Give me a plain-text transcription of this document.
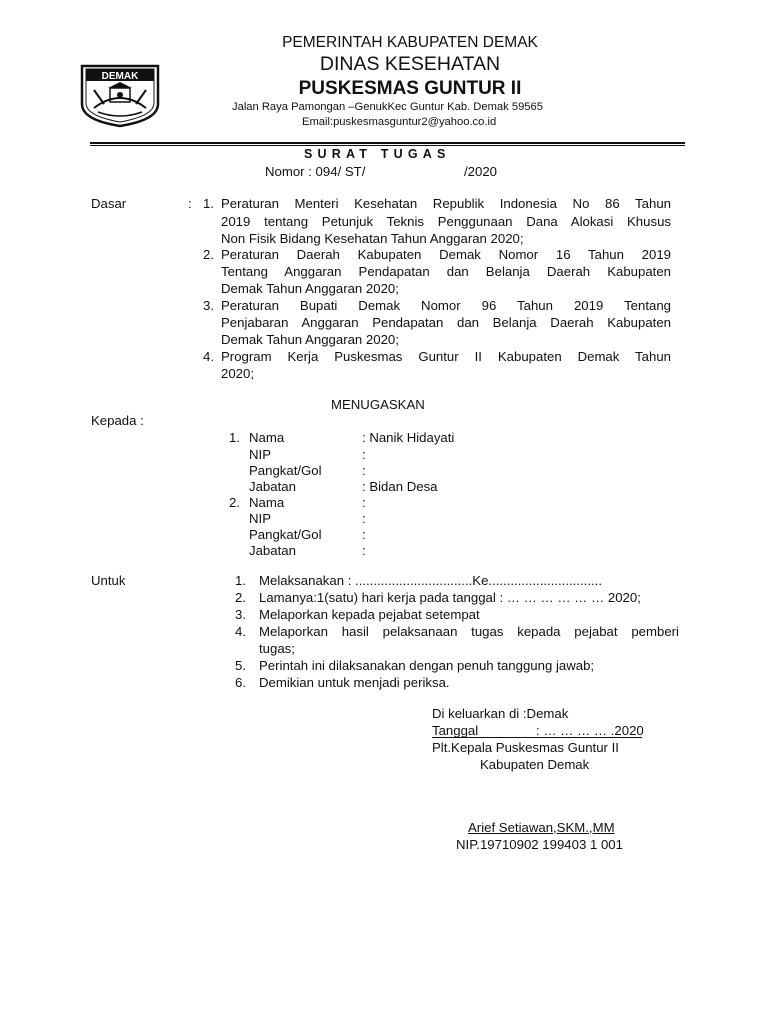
DEMAK
PEMERINTAH KABUPATEN DEMAK
DINAS KESEHATAN
PUSKESMAS GUNTUR II
Jalan Raya Pamongan –GenukKec Guntur Kab. Demak 59565
Email:puskesmasguntur2@yahoo.co.id
SURAT TUGAS
Nomor : 094/ ST/	/2020
Dasar	: 1. Peraturan Menteri Kesehatan Republik Indonesia No 86 Tahun
2019 tentang Petunjuk Teknis Penggunaan Dana Alokasi Khusus
Non Fisik Bidang Kesehatan Tahun Anggaran 2020;
2. Peraturan Daerah Kabupaten Demak Nomor 16 Tahun 2019
Tentang Anggaran Pendapatan dan Belanja Daerah Kabupaten
Demak Tahun Anggaran 2020;
3. Peraturan Bupati Demak Nomor 96 Tahun 2019 Tentang
Penjabaran Anggaran Pendapatan dan Belanja Daerah Kabupaten
Demak Tahun Anggaran 2020;
4. Program Kerja Puskesmas Guntur II Kabupaten Demak Tahun
2020;
MENUGASKAN
Kepada :
1. Nama	: Nanik Hidayati
NIP	:
Pangkat/Gol	:
Jabatan	: Bidan Desa
2. Nama	:
NIP	:
Pangkat/Gol	:
Jabatan	:
Untuk	1. Melaksanakan : ................................Ke...............................
2. Lamanya:1(satu) hari kerja pada tanggal : … … … … … … 2020;
3. Melaporkan kepada pejabat setempat
4. Melaporkan hasil pelaksanaan tugas kepada pejabat pemberi
tugas;
5. Perintah ini dilaksanakan dengan penuh tanggung jawab;
6. Demikian untuk menjadi periksa.
Di keluarkan di :Demak
Tanggal	: … … … … .2020
Plt.Kepala Puskesmas Guntur II
Kabupaten Demak
Arief Setiawan,SKM.,MM
NIP.19710902 199403 1 001
